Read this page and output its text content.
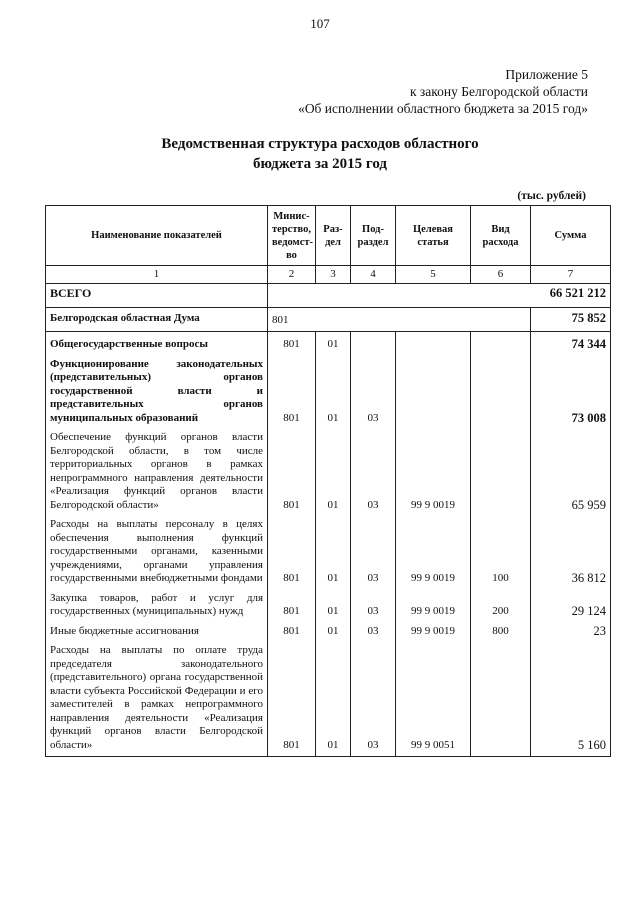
107
Приложение 5
к закону Белгородской области
«Об исполнении областного бюджета за 2015 год»
Ведомственная структура расходов областного
бюджета за 2015 год
(тыс. рублей)
Наименование показателей	Минис-терство, ведомст-во	Раз-дел	Под-раздел	Целевая статья	Вид расхода	Сумма
1	2	3	4	5	6	7
ВСЕГО	66 521 212					
Белгородская областная Дума	801					75 852
Общегосударственные вопросы	801	01				74 344
Функционирование законодательных (представительных) органов государственной власти и представительных органов муниципальных образований	801	01	03			73 008
Обеспечение функций органов власти Белгородской области, в том числе территориальных органов в рамках непрограммного направления деятельности «Реализация функций органов власти Белгородской области»	801	01	03	99 9 0019		65 959
Расходы на выплаты персоналу в целях обеспечения выполнения функций государственными органами, казенными учреждениями, органами управления государственными внебюджетными фондами	801	01	03	99 9 0019	100	36 812
Закупка товаров, работ и услуг для государственных (муниципальных) нужд	801	01	03	99 9 0019	200	29 124
Иные бюджетные ассигнования	801	01	03	99 9 0019	800	23
Расходы на выплаты по оплате труда председателя законодательного (представительного) органа государственной власти субъекта Российской Федерации и его заместителей в рамках непрограммного направления деятельности «Реализация функций органов власти Белгородской области»	801	01	03	99 9 0051		5 160
